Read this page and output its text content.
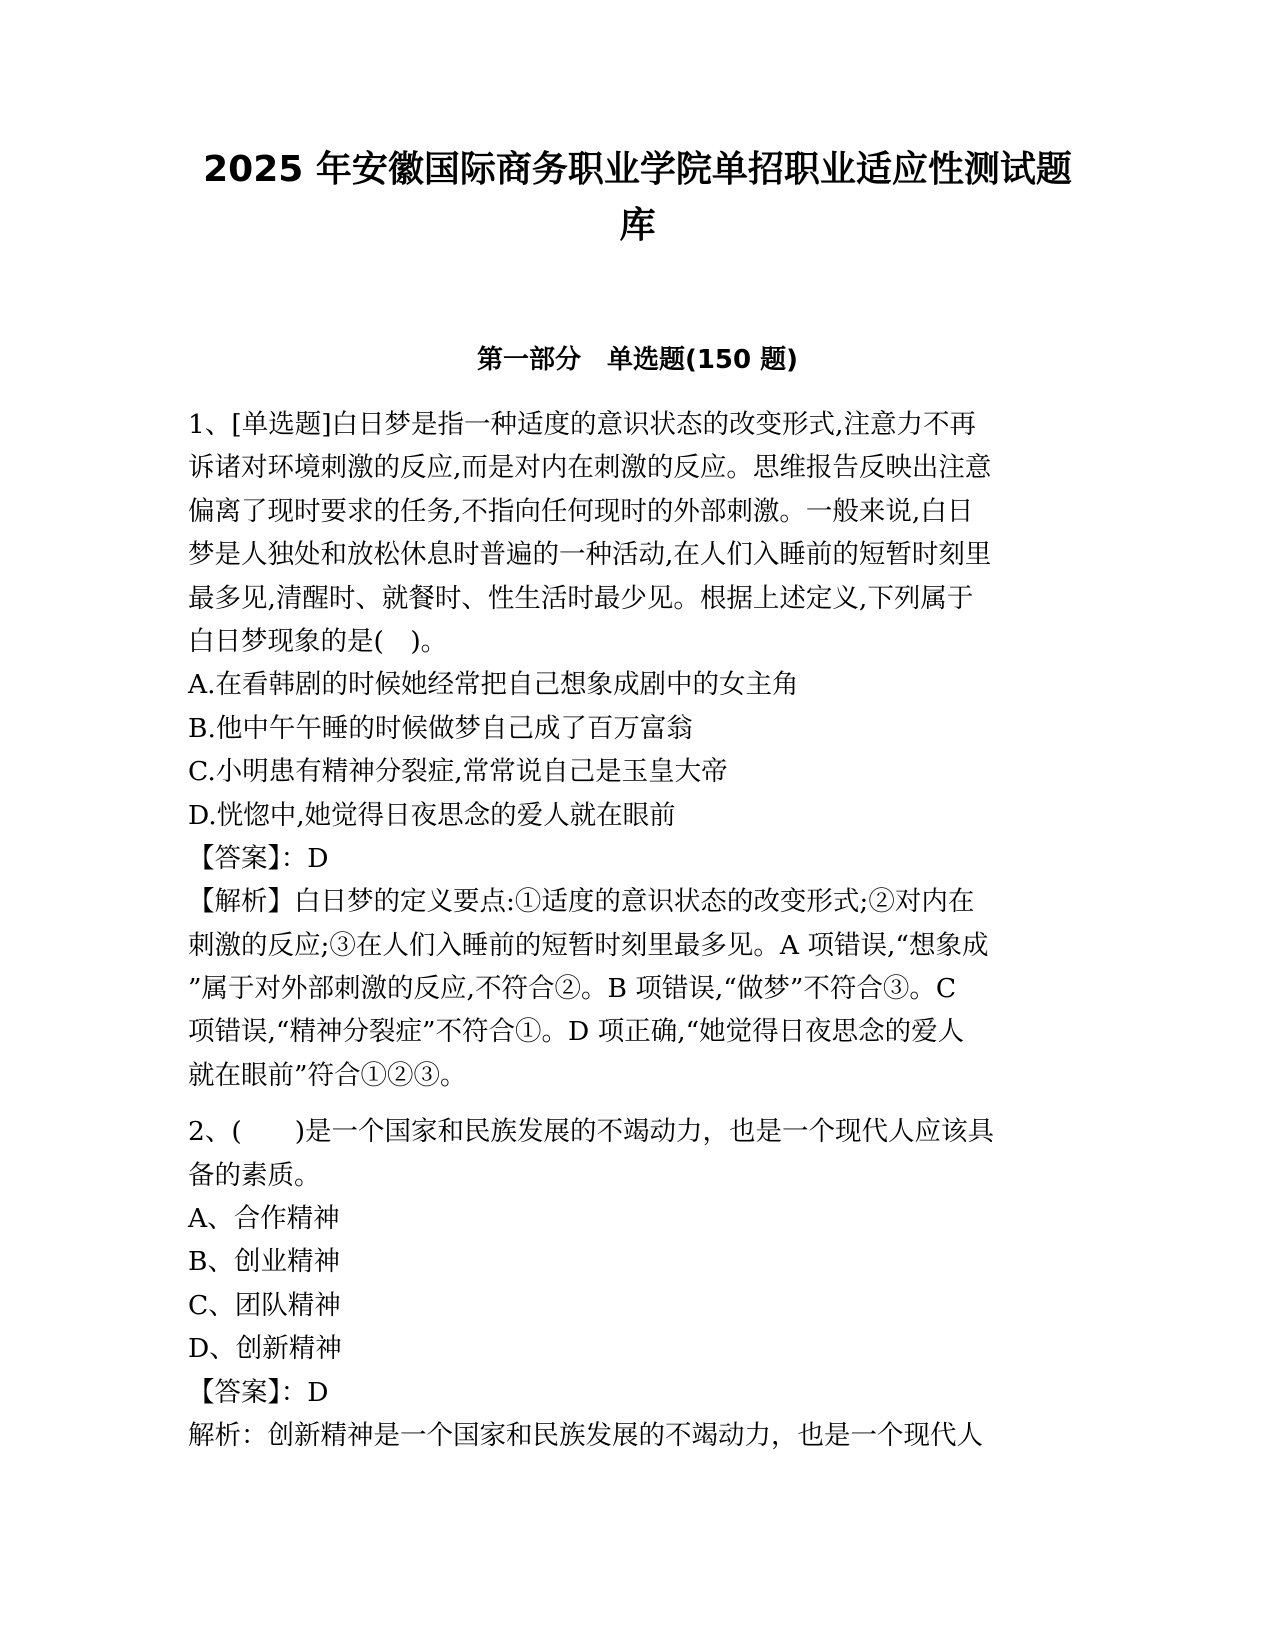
2025 年安徽国际商务职业学院单招职业适应性测试题
库
第一部分　单选题(150 题)
1、[单选题]白日梦是指一种适度的意识状态的改变形式,注意力不再
诉诸对环境刺激的反应,而是对内在刺激的反应。思维报告反映出注意
偏离了现时要求的任务,不指向任何现时的外部刺激。一般来说,白日
梦是人独处和放松休息时普遍的一种活动,在人们入睡前的短暂时刻里
最多见,清醒时、就餐时、性生活时最少见。根据上述定义,下列属于
白日梦现象的是(　)。
A.在看韩剧的时候她经常把自己想象成剧中的女主角
B.他中午午睡的时候做梦自己成了百万富翁
C.小明患有精神分裂症,常常说自己是玉皇大帝
D.恍惚中,她觉得日夜思念的爱人就在眼前
【答案】：D
【解析】白日梦的定义要点:①适度的意识状态的改变形式;②对内在
刺激的反应;③在人们入睡前的短暂时刻里最多见。A 项错误,“想象成
”属于对外部刺激的反应,不符合②。B 项错误,“做梦”不符合③。C
项错误,“精神分裂症”不符合①。D 项正确,“她觉得日夜思念的爱人
就在眼前”符合①②③。
2、(　　)是一个国家和民族发展的不竭动力，也是一个现代人应该具
备的素质。
A、合作精神
B、创业精神
C、团队精神
D、创新精神
【答案】：D
解析：创新精神是一个国家和民族发展的不竭动力，也是一个现代人
